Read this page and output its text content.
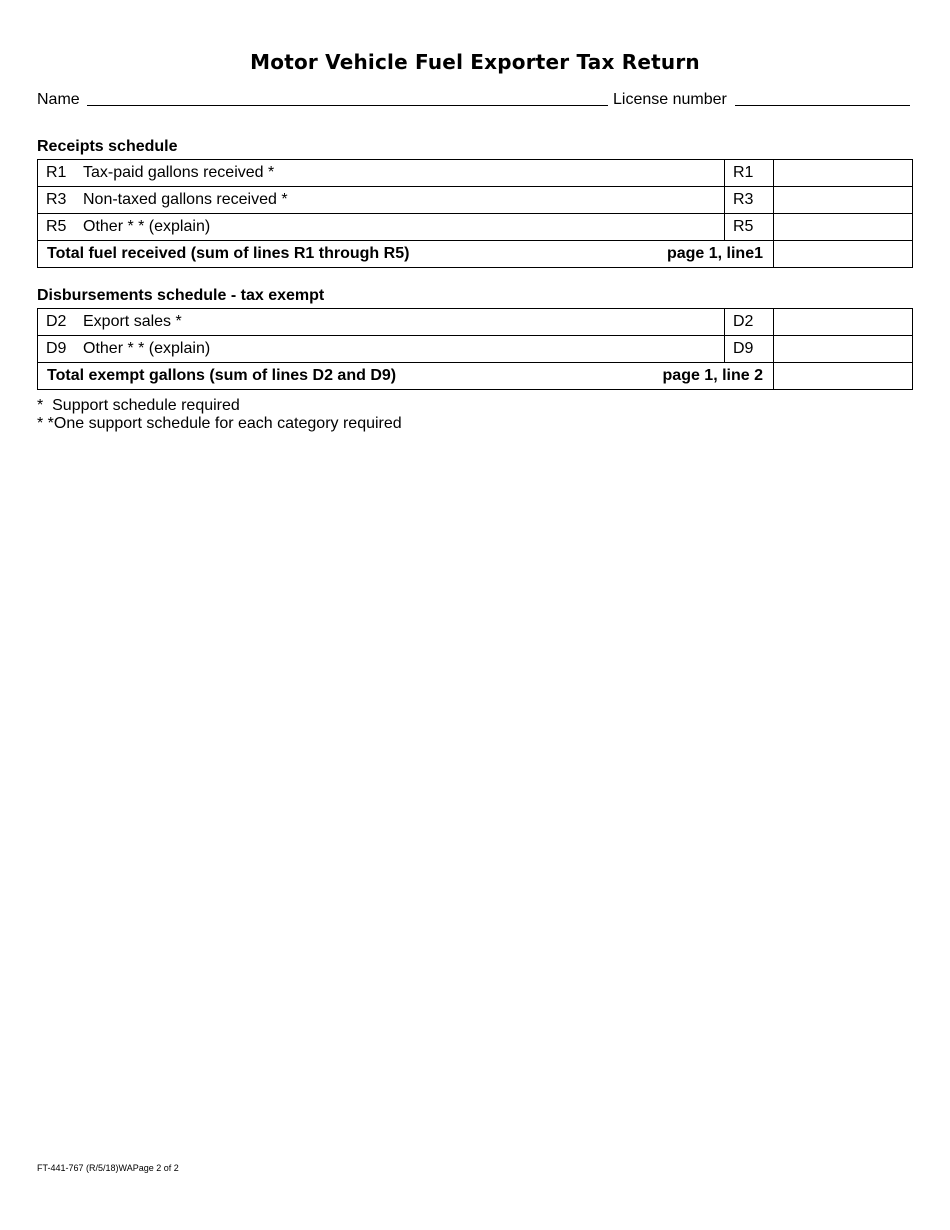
Motor Vehicle Fuel Exporter Tax Return
Name	License number
Receipts schedule
R1 Tax-paid gallons received *	R1	
R3 Non-taxed gallons received *	R3	
R5 Other * * (explain)	R5	
Total fuel received (sum of lines R1 through R5) page 1, line1		

Disbursements schedule - tax exempt
D2 Export sales *	D2	
D9 Other * * (explain)	D9	
Total exempt gallons (sum of lines D2 and D9) page 1, line 2		

*  Support schedule required
* *One support schedule for each category required
FT-441-767 (R/5/18)WAPage 2 of 2
